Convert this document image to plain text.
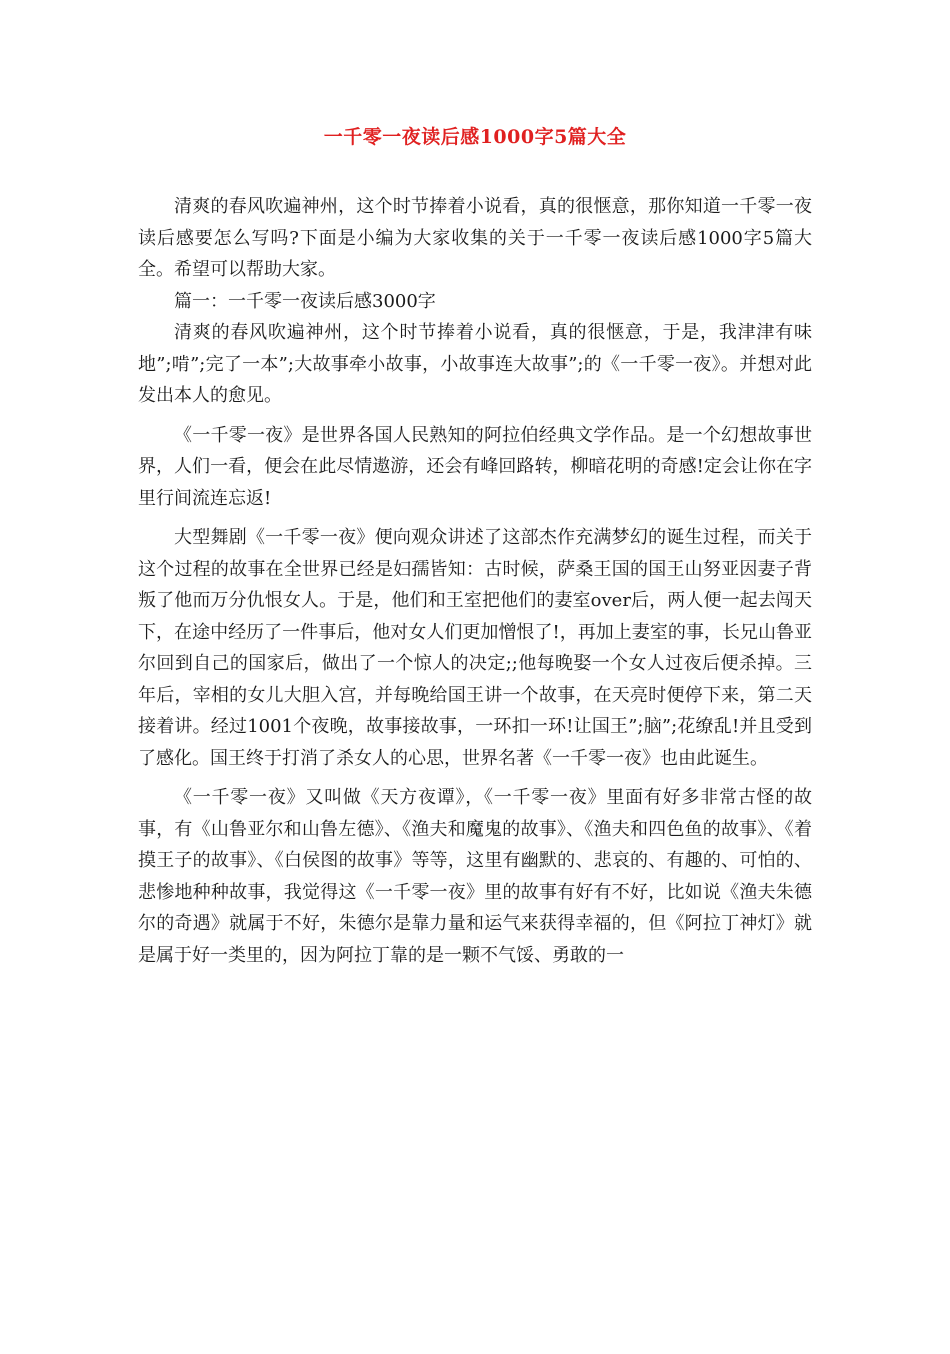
一千零一夜读后感1000字5篇大全

清爽的春风吹遍神州，这个时节捧着小说看，真的很惬意，那你知道一千零一夜读后感要怎么写吗?下面是小编为大家收集的关于一千零一夜读后感1000字5篇大全。希望可以帮助大家。

篇一：一千零一夜读后感3000字

清爽的春风吹遍神州，这个时节捧着小说看，真的很惬意，于是，我津津有味地”;啃”;完了一本”;大故事牵小故事，小故事连大故事”;的《一千零一夜》。并想对此发出本人的愈见。

《一千零一夜》是世界各国人民熟知的阿拉伯经典文学作品。是一个幻想故事世界，人们一看，便会在此尽情遨游，还会有峰回路转，柳暗花明的奇感!定会让你在字里行间流连忘返!

大型舞剧《一千零一夜》便向观众讲述了这部杰作充满梦幻的诞生过程，而关于这个过程的故事在全世界已经是妇孺皆知：古时候，萨桑王国的国王山努亚因妻子背叛了他而万分仇恨女人。于是，他们和王室把他们的妻室over后，两人便一起去闯天下，在途中经历了一件事后，他对女人们更加憎恨了!，再加上妻室的事，长兄山鲁亚尔回到自己的国家后，做出了一个惊人的决定;;他每晚娶一个女人过夜后便杀掉。三年后，宰相的女儿大胆入宫，并每晚给国王讲一个故事，在天亮时便停下来，第二天接着讲。经过1001个夜晚，故事接故事，一环扣一环!让国王”;脑”;花缭乱!并且受到了感化。国王终于打消了杀女人的心思，世界名著《一千零一夜》也由此诞生。

《一千零一夜》又叫做《天方夜谭》，《一千零一夜》里面有好多非常古怪的故事，有《山鲁亚尔和山鲁左德》、《渔夫和魔鬼的故事》、《渔夫和四色鱼的故事》、《着摸王子的故事》、《白侯图的故事》等等，这里有幽默的、悲哀的、有趣的、可怕的、悲惨地种种故事，我觉得这《一千零一夜》里的故事有好有不好，比如说《渔夫朱德尔的奇遇》就属于不好，朱德尔是靠力量和运气来获得幸福的，但《阿拉丁神灯》就是属于好一类里的，因为阿拉丁靠的是一颗不气馁、勇敢的一
